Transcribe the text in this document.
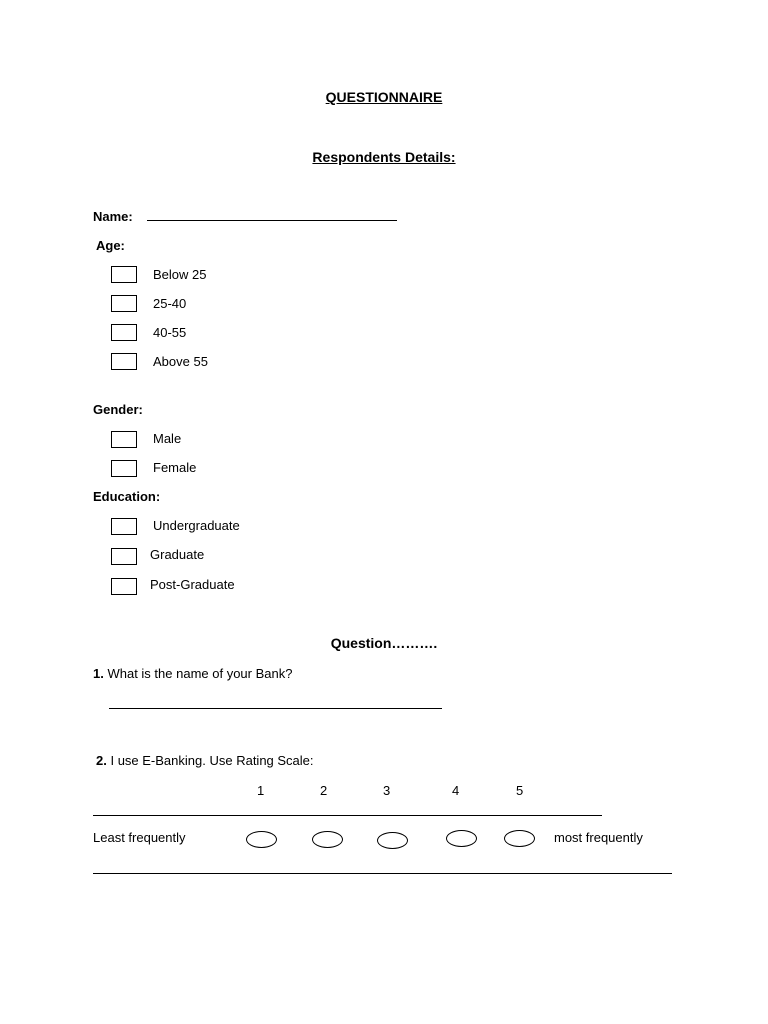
QUESTIONNAIRE
Respondents Details:
Name:
Age:
Below 25
25-40
40-55
Above 55
Gender:
Male
Female
Education:
Undergraduate
Graduate
Post-Graduate
Question……….
1. What is the name of your Bank?
2. I use E-Banking. Use Rating Scale:
1	2	3	4	5
Least frequently	most frequently
